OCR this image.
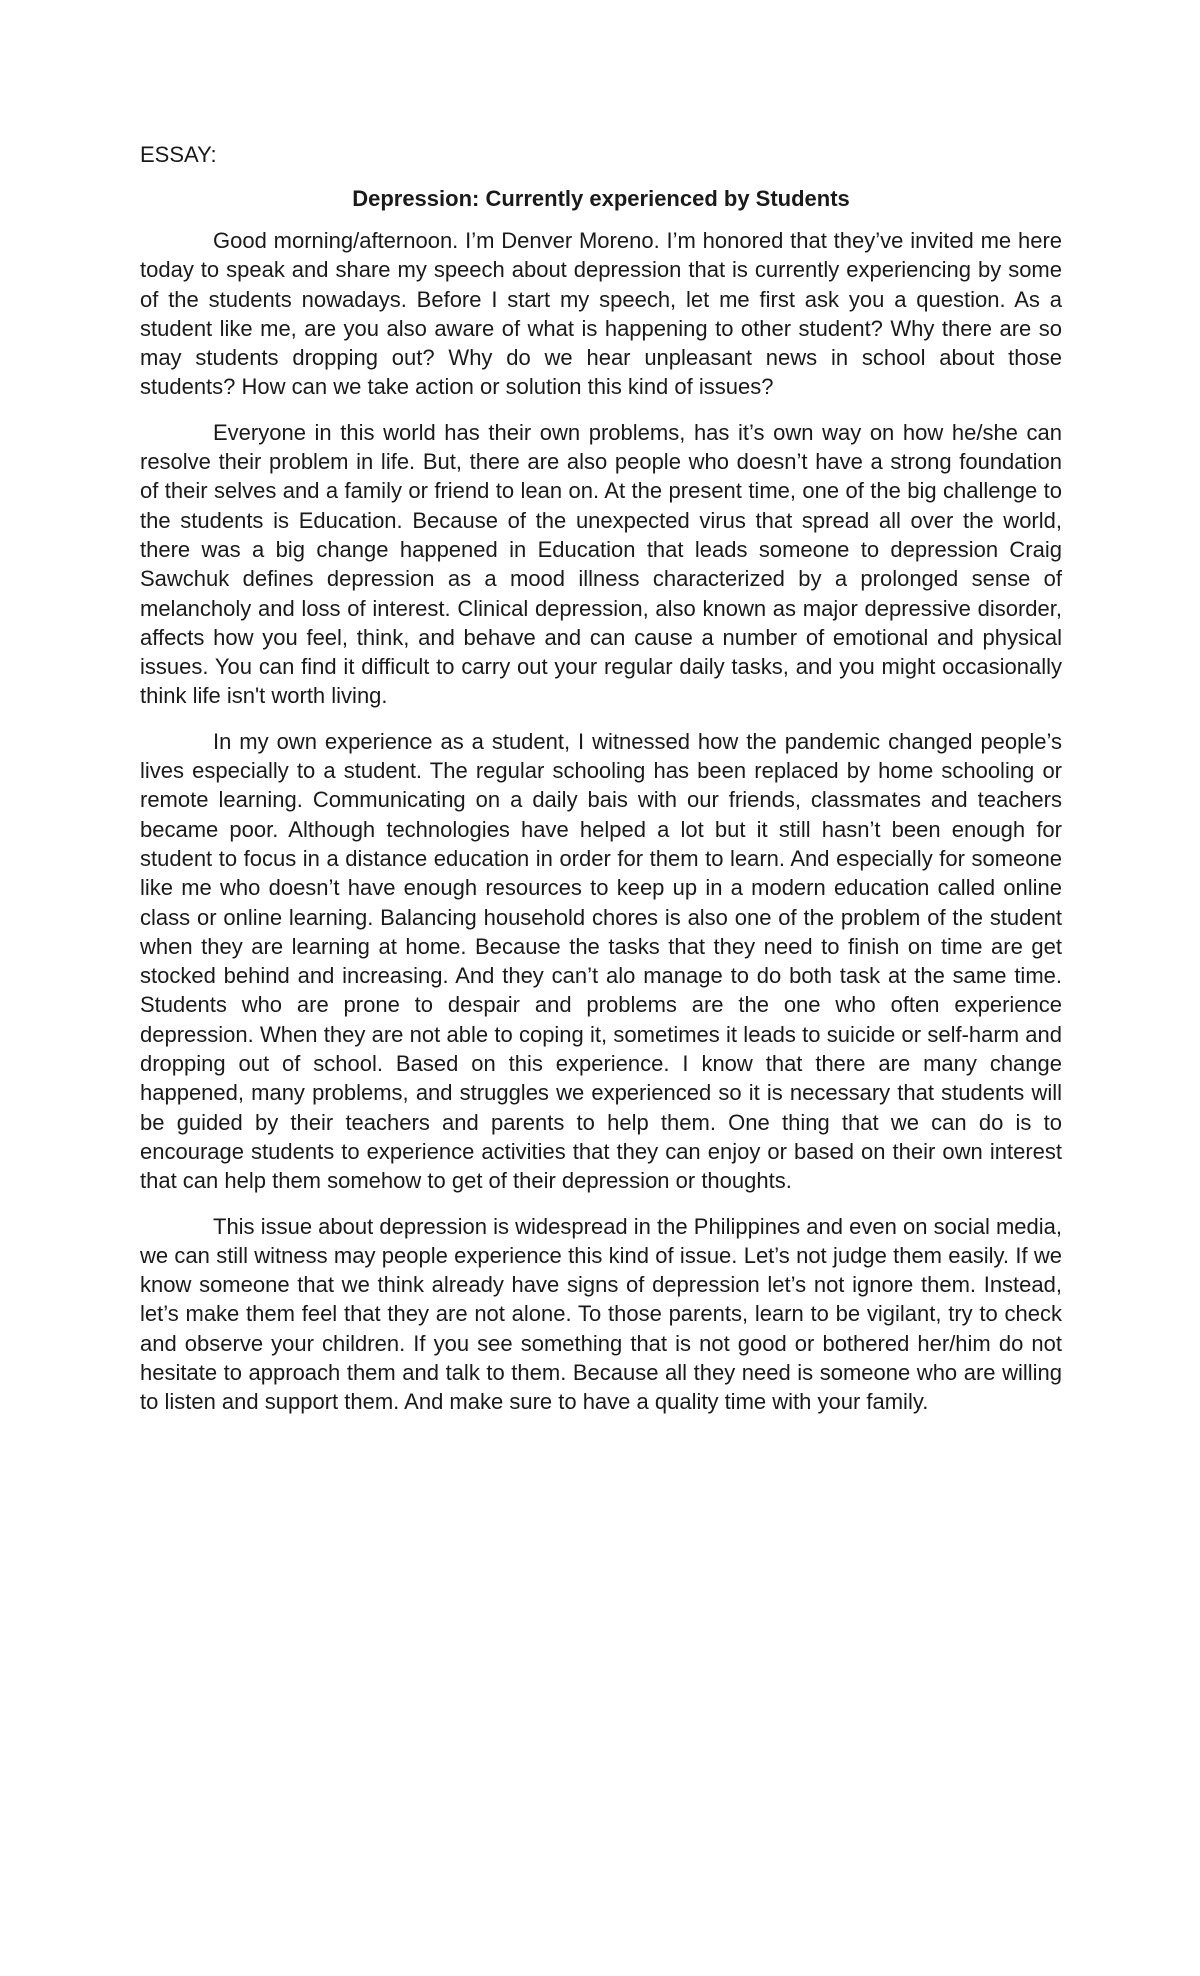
ESSAY:
Depression: Currently experienced by Students

Good morning/afternoon. I’m Denver Moreno. I’m honored that they’ve invited me here today to speak and share my speech about depression that is currently experiencing by some of the students nowadays. Before I start my speech, let me first ask you a question. As a student like me, are you also aware of what is happening to other student? Why there are so may students dropping out? Why do we hear unpleasant news in school about those students? How can we take action or solution this kind of issues?

Everyone in this world has their own problems, has it’s own way on how he/she can resolve their problem in life. But, there are also people who doesn’t have a strong foundation of their selves and a family or friend to lean on. At the present time, one of the big challenge to the students is Education. Because of the unexpected virus that spread all over the world, there was a big change happened in Education that leads someone to depression Craig Sawchuk defines depression as a mood illness characterized by a prolonged sense of melancholy and loss of interest. Clinical depression, also known as major depressive disorder, affects how you feel, think, and behave and can cause a number of emotional and physical issues. You can find it difficult to carry out your regular daily tasks, and you might occasionally think life isn't worth living.

In my own experience as a student, I witnessed how the pandemic changed people’s lives especially to a student. The regular schooling has been replaced by home schooling or remote learning. Communicating on a daily bais with our friends, classmates and teachers became poor. Although technologies have helped a lot but it still hasn’t been enough for student to focus in a distance education in order for them to learn. And especially for someone like me who doesn’t have enough resources to keep up in a modern education called online class or online learning. Balancing household chores is also one of the problem of the student when they are learning at home. Because the tasks that they need to finish on time are get stocked behind and increasing. And they can’t alo manage to do both task at the same time. Students who are prone to despair and problems are the one who often experience depression. When they are not able to coping it, sometimes it leads to suicide or self-harm and dropping out of school. Based on this experience. I know that there are many change happened, many problems, and struggles we experienced so it is necessary that students will be guided by their teachers and parents to help them. One thing that we can do is to encourage students to experience activities that they can enjoy or based on their own interest that can help them somehow to get of their depression or thoughts.

This issue about depression is widespread in the Philippines and even on social media, we can still witness may people experience this kind of issue. Let’s not judge them easily. If we know someone that we think already have signs of depression let’s not ignore them. Instead, let’s make them feel that they are not alone. To those parents, learn to be vigilant, try to check and observe your children. If you see something that is not good or bothered her/him do not hesitate to approach them and talk to them. Because all they need is someone who are willing to listen and support them. And make sure to have a quality time with your family.
